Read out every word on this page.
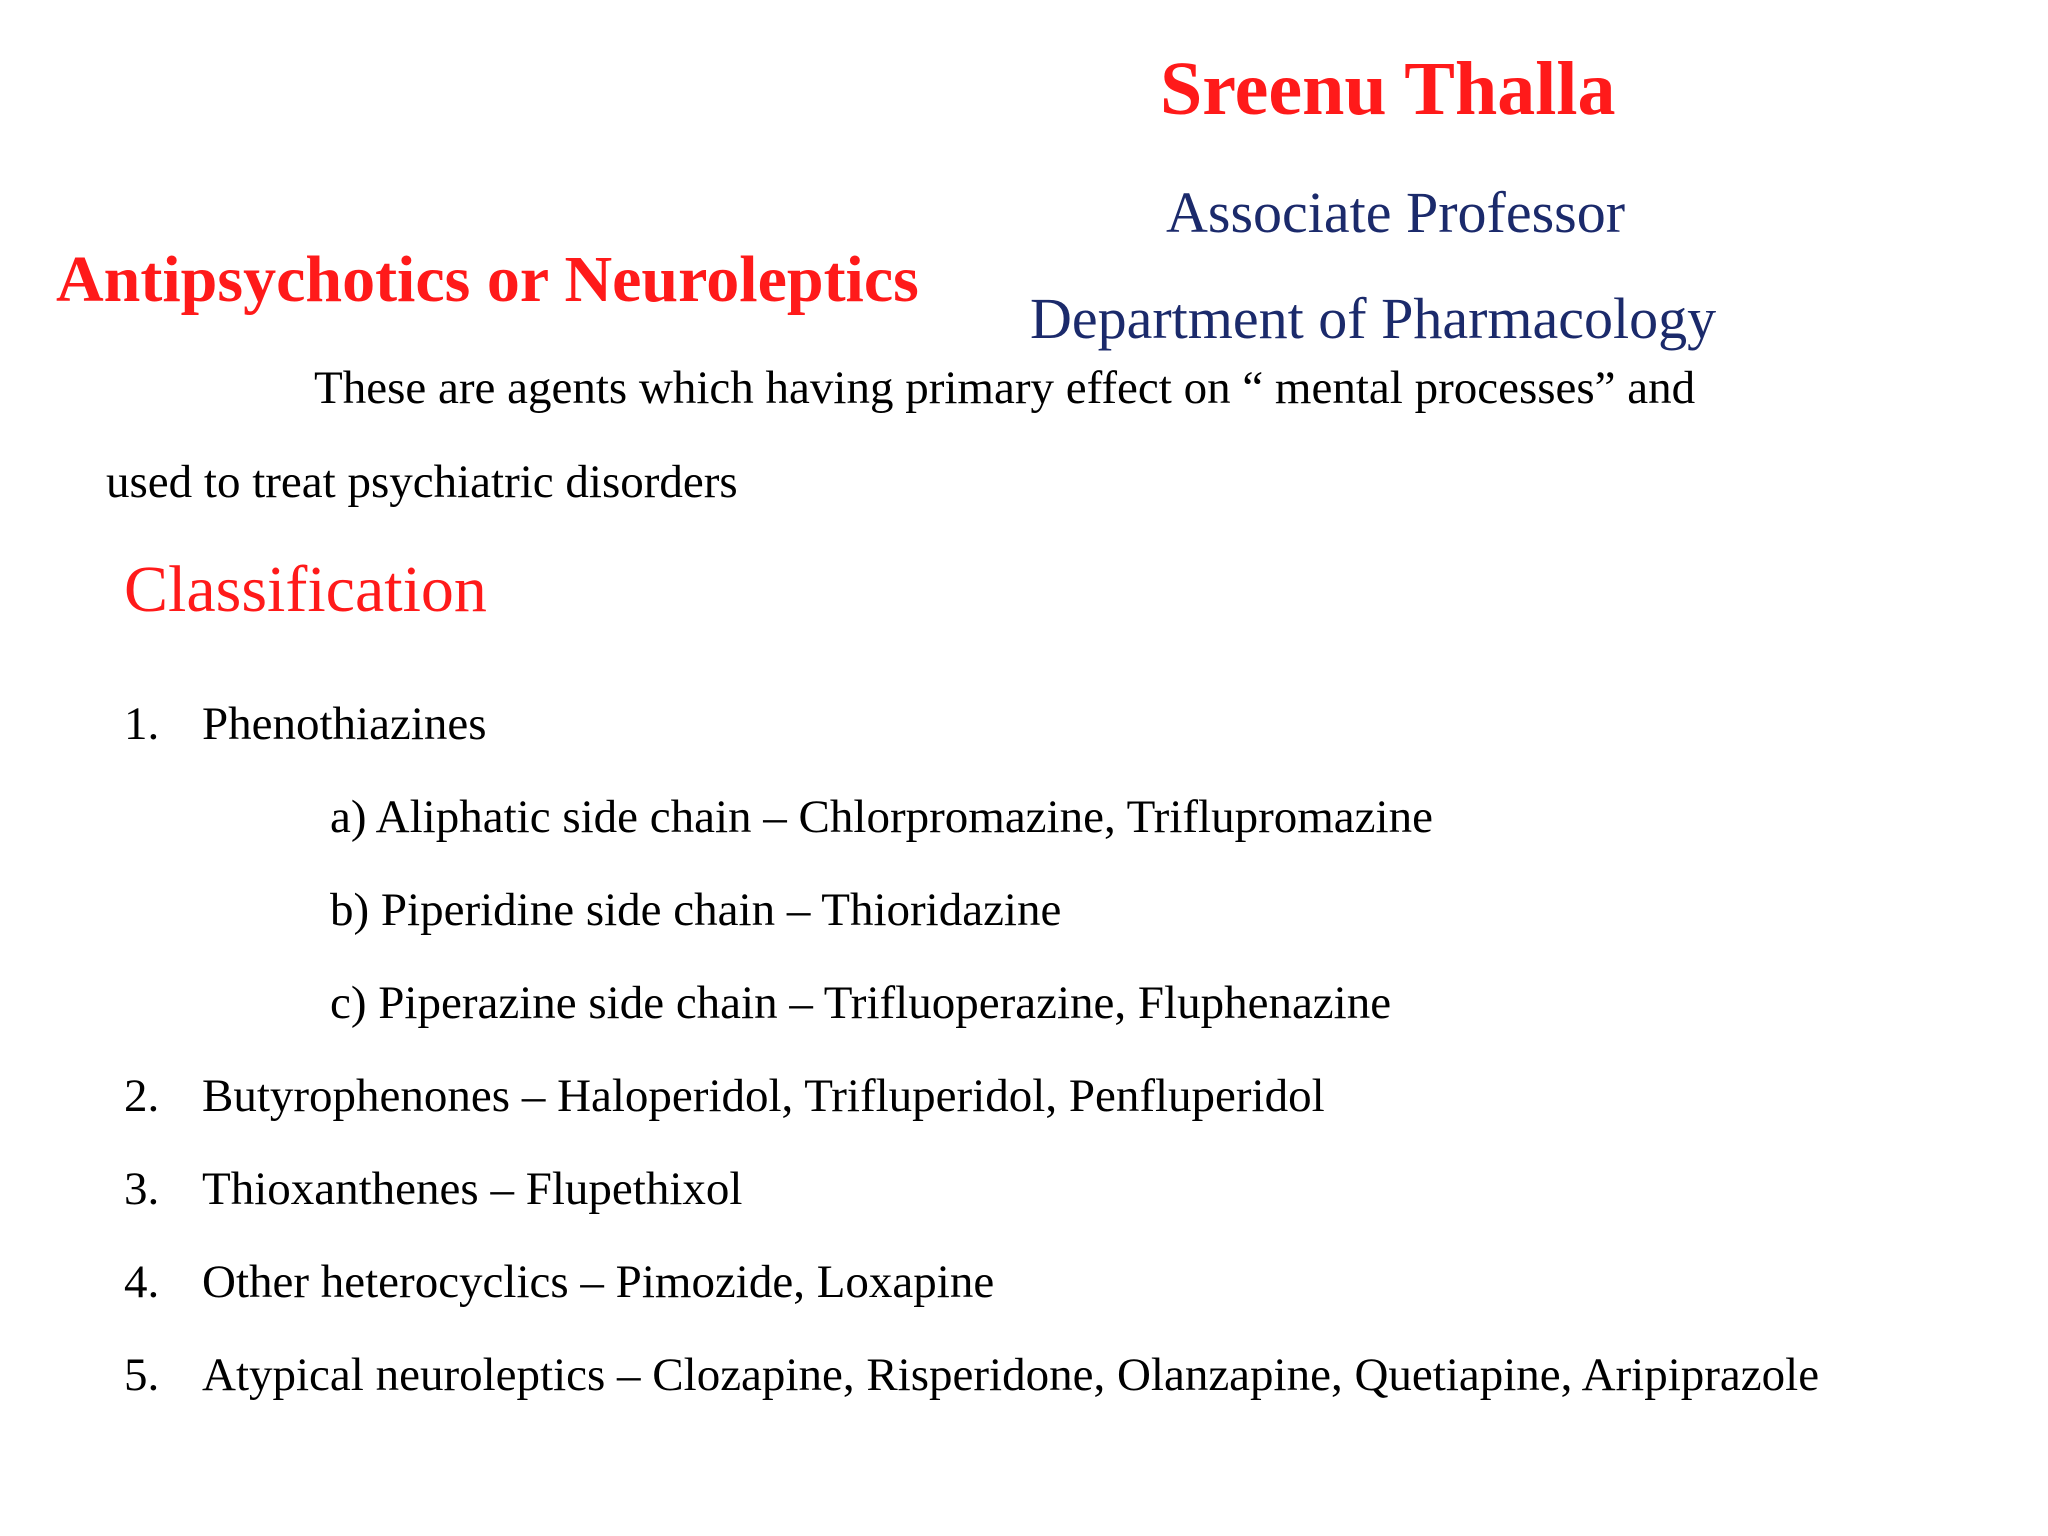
Sreenu Thalla
Associate Professor
Department of Pharmacology
Antipsychotics or Neuroleptics
These are agents which having primary effect on “ mental processes” and
used to treat psychiatric disorders
Classification
1. Phenothiazines
a) Aliphatic side chain – Chlorpromazine, Triflupromazine
b) Piperidine side chain – Thioridazine
c) Piperazine side chain – Trifluoperazine, Fluphenazine
2. Butyrophenones – Haloperidol, Trifluperidol, Penfluperidol
3. Thioxanthenes – Flupethixol
4. Other heterocyclics – Pimozide, Loxapine
5. Atypical neuroleptics – Clozapine, Risperidone, Olanzapine, Quetiapine, Aripiprazole
